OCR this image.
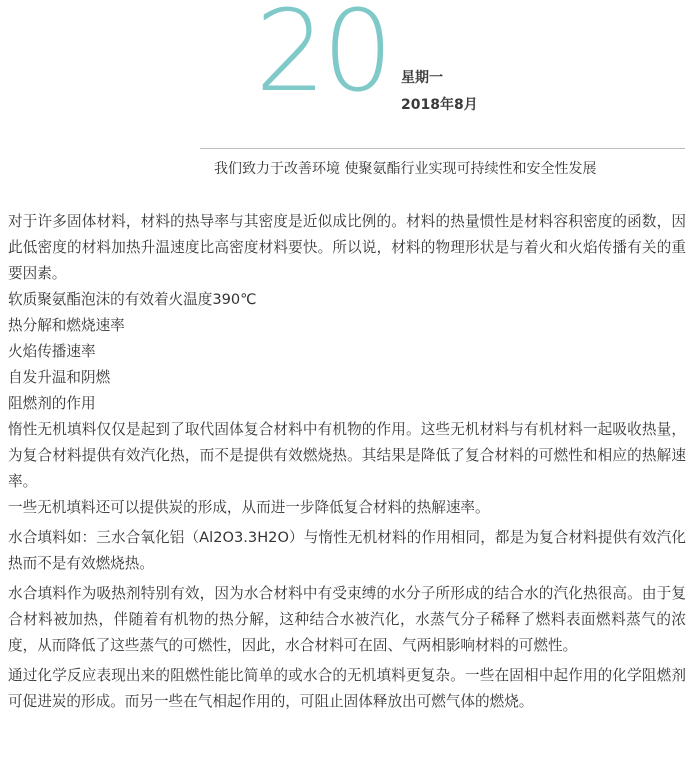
20 星期一
2018年8月
我们致力于改善环境 使聚氨酯行业实现可持续性和安全性发展

对于许多固体材料，材料的热导率与其密度是近似成比例的。材料的热量惯性是材料容积密度的函数，因此低密度的材料加热升温速度比高密度材料要快。所以说，材料的物理形状是与着火和火焰传播有关的重要因素。

软质聚氨酯泡沫的有效着火温度390℃

热分解和燃烧速率

火焰传播速率

自发升温和阴燃

阻燃剂的作用

惰性无机填料仅仅是起到了取代固体复合材料中有机物的作用。这些无机材料与有机材料一起吸收热量，为复合材料提供有效汽化热，而不是提供有效燃烧热。其结果是降低了复合材料的可燃性和相应的热解速率。

一些无机填料还可以提供炭的形成，从而进一步降低复合材料的热解速率。

水合填料如：三水合氧化铝（Al2O3.3H2O）与惰性无机材料的作用相同，都是为复合材料提供有效汽化热而不是有效燃烧热。

水合填料作为吸热剂特别有效，因为水合材料中有受束缚的水分子所形成的结合水的汽化热很高。由于复合材料被加热，伴随着有机物的热分解，这种结合水被汽化，水蒸气分子稀释了燃料表面燃料蒸气的浓度，从而降低了这些蒸气的可燃性，因此，水合材料可在固、气两相影响材料的可燃性。

通过化学反应表现出来的阻燃性能比简单的或水合的无机填料更复杂。一些在固相中起作用的化学阻燃剂可促进炭的形成。而另一些在气相起作用的，可阻止固体释放出可燃气体的燃烧。
